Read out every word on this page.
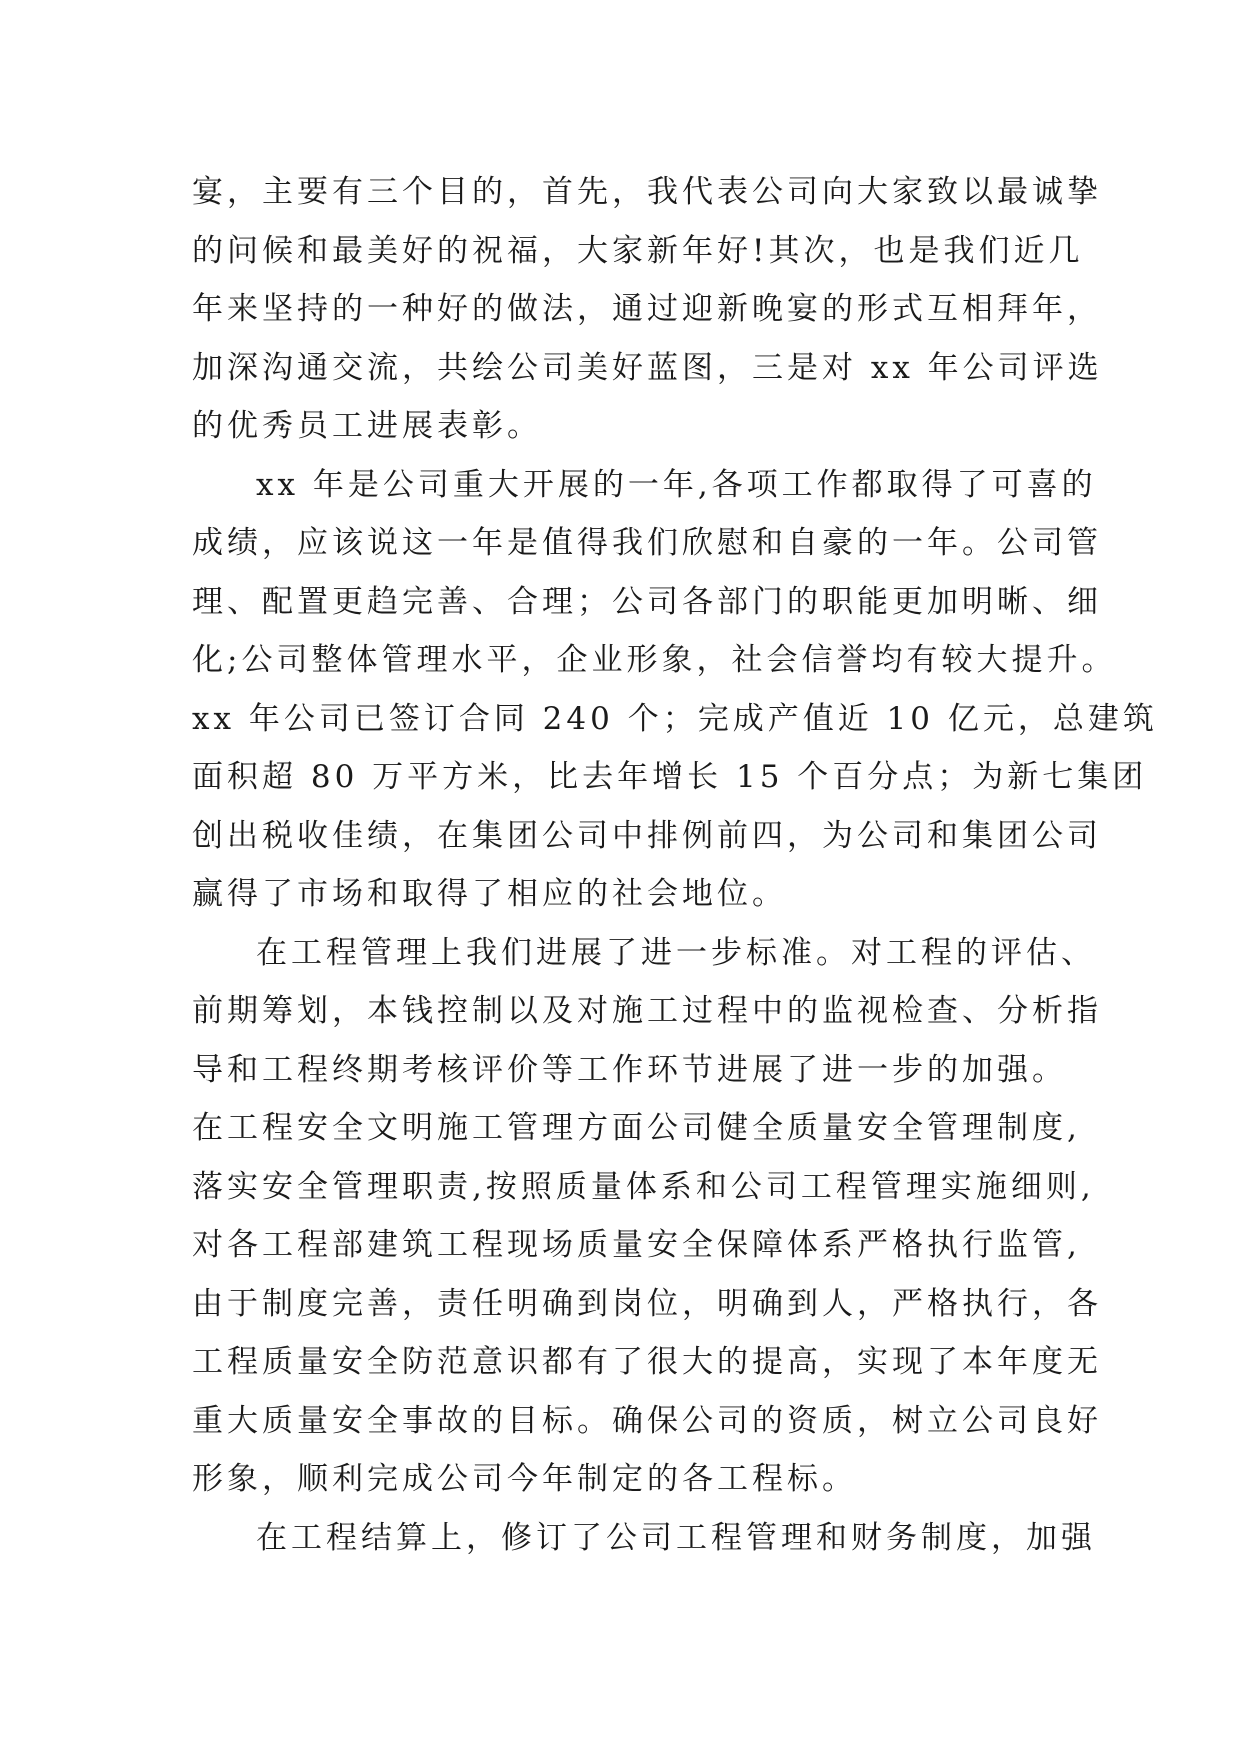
宴，主要有三个目的，首先，我代表公司向大家致以最诚挚
的问候和最美好的祝福，大家新年好!其次，也是我们近几
年来坚持的一种好的做法，通过迎新晚宴的形式互相拜年，
加深沟通交流，共绘公司美好蓝图，三是对 xx 年公司评选
的优秀员工进展表彰。
xx 年是公司重大开展的一年,各项工作都取得了可喜的
成绩，应该说这一年是值得我们欣慰和自豪的一年。公司管
理、配置更趋完善、合理；公司各部门的职能更加明晰、细
化;公司整体管理水平，企业形象，社会信誉均有较大提升。
xx 年公司已签订合同 240 个；完成产值近 10 亿元，总建筑
面积超 80 万平方米，比去年增长 15 个百分点；为新七集团
创出税收佳绩，在集团公司中排例前四，为公司和集团公司
赢得了市场和取得了相应的社会地位。
在工程管理上我们进展了进一步标准。对工程的评估、
前期筹划，本钱控制以及对施工过程中的监视检查、分析指
导和工程终期考核评价等工作环节进展了进一步的加强。
在工程安全文明施工管理方面公司健全质量安全管理制度,
落实安全管理职责,按照质量体系和公司工程管理实施细则,
对各工程部建筑工程现场质量安全保障体系严格执行监管,
由于制度完善，责任明确到岗位，明确到人，严格执行，各
工程质量安全防范意识都有了很大的提高，实现了本年度无
重大质量安全事故的目标。确保公司的资质，树立公司良好
形象，顺利完成公司今年制定的各工程标。
在工程结算上，修订了公司工程管理和财务制度，加强
